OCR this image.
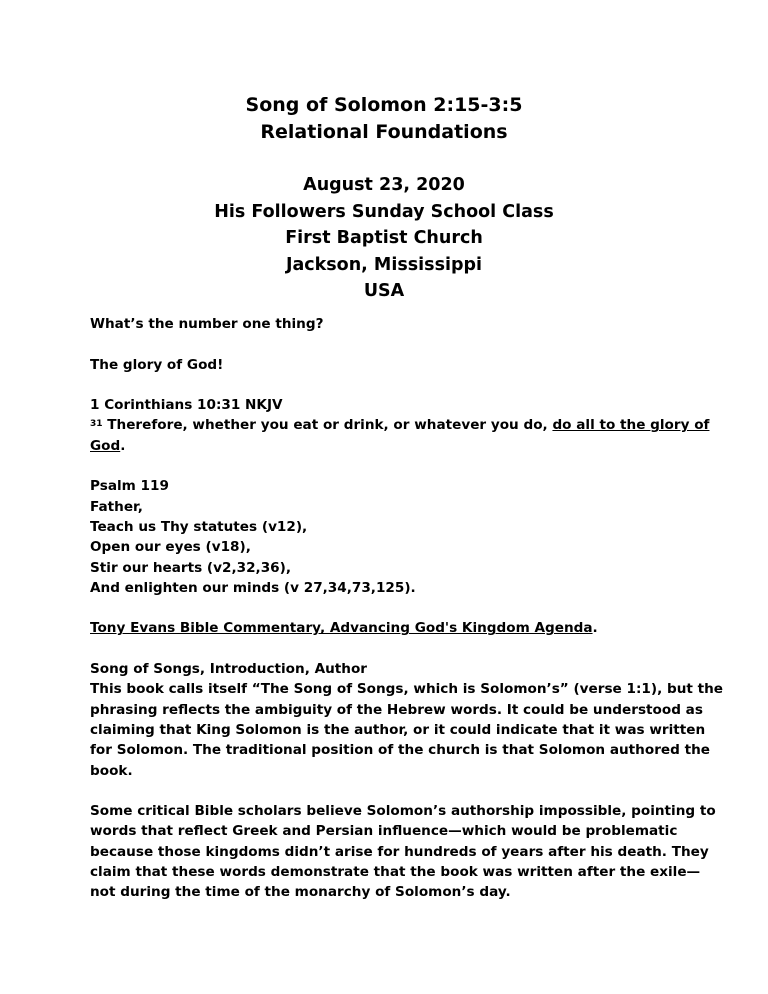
Song of Solomon 2:15-3:5
Relational Foundations
August 23, 2020
His Followers Sunday School Class
First Baptist Church
Jackson, Mississippi
USA
What’s the number one thing?
The glory of God!
1 Corinthians 10:31 NKJV
$^{31}$ Therefore, whether you eat or drink, or whatever you do, do all to the glory of
God.
Psalm 119
Father,
Teach us Thy statutes (v12),
Open our eyes (v18),
Stir our hearts (v2,32,36),
And enlighten our minds (v 27,34,73,125).
Tony Evans Bible Commentary, Advancing God's Kingdom Agenda.
Song of Songs, Introduction, Author
This book calls itself “The Song of Songs, which is Solomon’s” (verse 1:1), but the
phrasing reflects the ambiguity of the Hebrew words. It could be understood as
claiming that King Solomon is the author, or it could indicate that it was written
for Solomon. The traditional position of the church is that Solomon authored the
book.
Some critical Bible scholars believe Solomon’s authorship impossible, pointing to
words that reflect Greek and Persian influence—which would be problematic
because those kingdoms didn’t arise for hundreds of years after his death. They
claim that these words demonstrate that the book was written after the exile—
not during the time of the monarchy of Solomon’s day.
